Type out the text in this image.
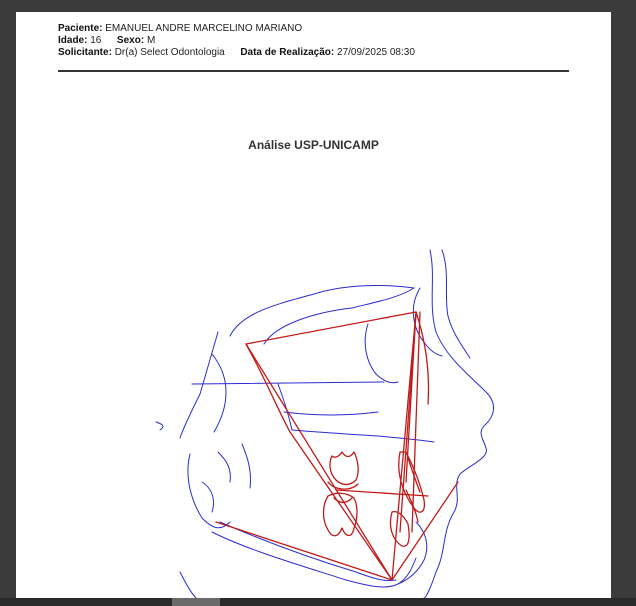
Paciente: EMANUEL ANDRE MARCELINO MARIANO
Idade: 16 Sexo: M
Solicitante: Dr(a) Select Odontologia Data de Realização: 27/09/2025 08:30
Análise USP-UNICAMP
